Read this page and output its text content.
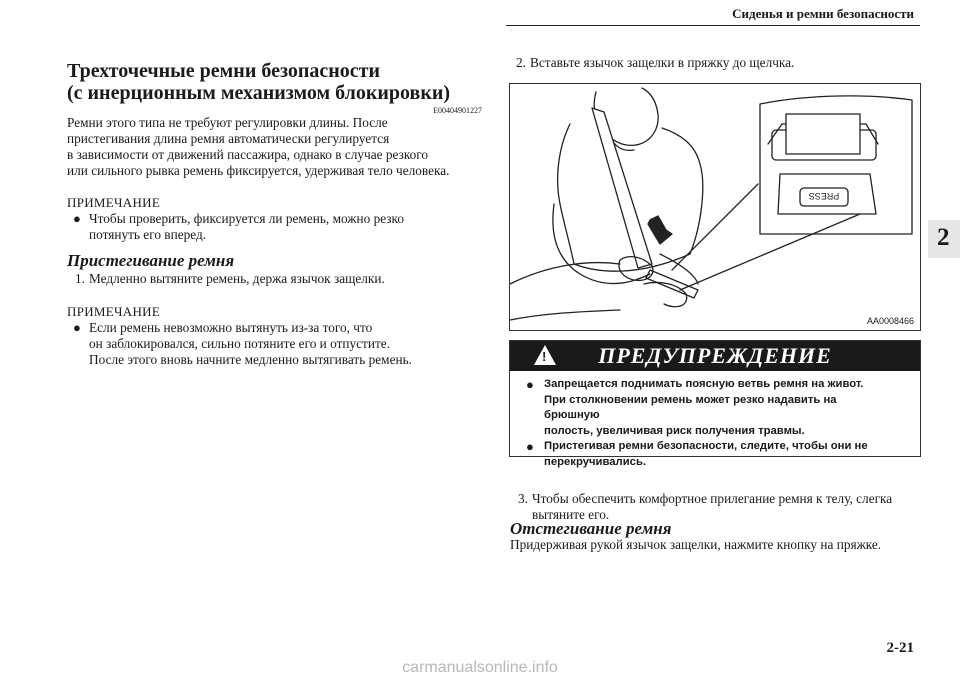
Сиденья и ремни безопасности
2
Трехточечные ремни безопасности
(с инерционным механизмом блокировки)
E00404901227
Ремни этого типа не требуют регулировки длины. После
пристегивания длина ремня автоматически регулируется
в зависимости от движений пассажира, однако в случае резкого
или сильного рывка ремень фиксируется, удерживая тело человека.
ПРИМЕЧАНИЕ
● Чтобы проверить, фиксируется ли ремень, можно резко
потянуть его вперед.
Пристегивание ремня
1. Медленно вытяните ремень, держа язычок защелки.
ПРИМЕЧАНИЕ
● Если ремень невозможно вытянуть из-за того, что
он заблокировался, сильно потяните его и отпустите.
После этого вновь начните медленно вытягивать ремень.
2. Вставьте язычок защелки в пряжку до щелчка.
PRESS
AA0008466
!
ПРЕДУПРЕЖДЕНИЕ
● Запрещается поднимать поясную ветвь ремня на живот.
При столкновении ремень может резко надавить на брюшную
полость, увеличивая риск получения травмы.
● Пристегивая ремни безопасности, следите, чтобы они не
перекручивались.
3. Чтобы обеспечить комфортное прилегание ремня к телу, слегка
вытяните его.
Отстегивание ремня
Придерживая рукой язычок защелки, нажмите кнопку на пряжке.
2-21
carmanualsonline.info
